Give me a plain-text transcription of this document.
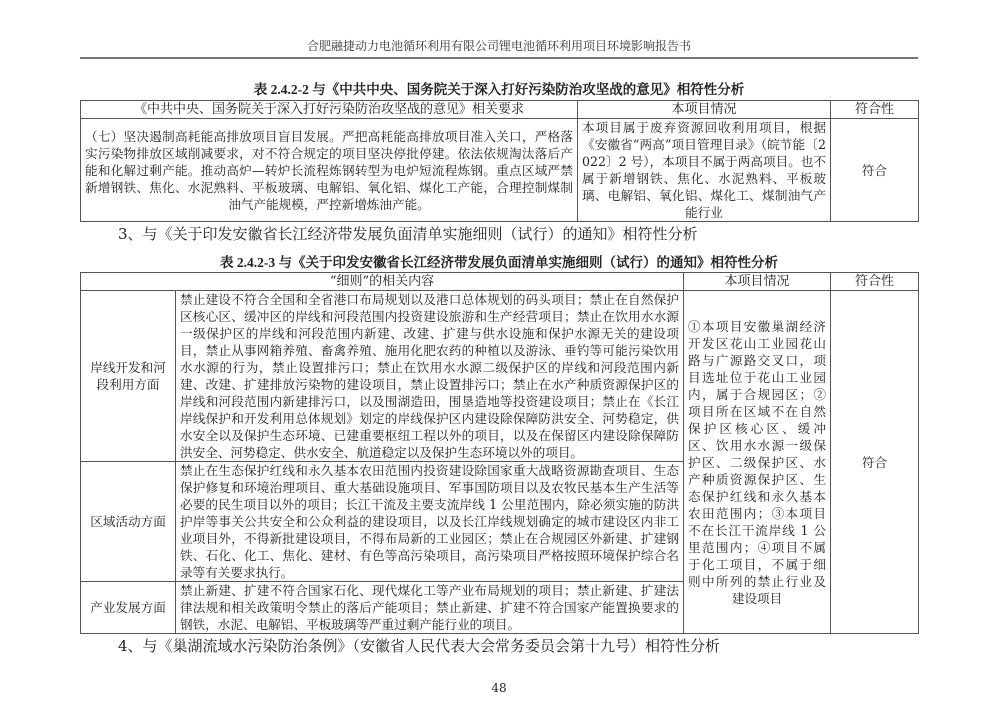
合肥融捷动力电池循环利用有限公司锂电池循环利用项目环境影响报告书
表 2.4.2-2 与《中共中央、国务院关于深入打好污染防治攻坚战的意见》相符性分析
《中共中央、国务院关于深入打好污染防治攻坚战的意见》相关要求	本项目情况	符合性
（七）坚决遏制高耗能高排放项目盲目发展。严把高耗能高排放项目准入关口，严格落实污染物排放区域削减要求，对不符合规定的项目坚决停批停建。依法依规淘汰落后产能和化解过剩产能。推动高炉—转炉长流程炼钢转型为电炉短流程炼钢。重点区域严禁新增钢铁、焦化、水泥熟料、平板玻璃、电解铝、氧化铝、煤化工产能，合理控制煤制油气产能规模，严控新增炼油产能。	本项目属于废弃资源回收利用项目，根据《安徽省“两高”项目管理目录》（皖节能〔2022〕2 号），本项目不属于两高项目。也不属于新增钢铁、焦化、水泥熟料、平板玻璃、电解铝、氧化铝、煤化工、煤制油气产能行业	符合
3、与《关于印发安徽省长江经济带发展负面清单实施细则（试行）的通知》相符性分析
表 2.4.2-3 与《关于印发安徽省长江经济带发展负面清单实施细则（试行）的通知》相符性分析
“细则”的相关内容		本项目情况	符合性
岸线开发和河段利用方面	禁止建设不符合全国和全省港口布局规划以及港口总体规划的码头项目；禁止在自然保护区核心区、缓冲区的岸线和河段范围内投资建设旅游和生产经营项目；禁止在饮用水水源一级保护区的岸线和河段范围内新建、改建、扩建与供水设施和保护水源无关的建设项目，禁止从事网箱养殖、畜禽养殖、施用化肥农药的种植以及游泳、垂钓等可能污染饮用水水源的行为，禁止设置排污口；禁止在饮用水水源二级保护区的岸线和河段范围内新建、改建、扩建排放污染物的建设项目，禁止设置排污口；禁止在水产种质资源保护区的岸线和河段范围内新建排污口，以及围湖造田，围垦造地等投资建设项目；禁止在《长江岸线保护和开发利用总体规划》划定的岸线保护区内建设除保障防洪安全、河势稳定，供水安全以及保护生态环境、已建重要枢纽工程以外的项目，以及在保留区内建设除保障防洪安全、河势稳定、供水安全、航道稳定以及保护生态环境以外的项目。	①本项目安徽巢湖经济开发区花山工业园花山路与广源路交叉口，项目选址位于花山工业园内，属于合规园区；②项目所在区域不在自然保护区核心区、缓冲区、饮用水水源一级保护区、二级保护区、水产种质资源保护区、生态保护红线和永久基本农田范围内；③本项目不在长江干流岸线 1 公里范围内；④项目不属于化工项目，不属于细则中所列的禁止行业及建设项目	符合
区域活动方面	禁止在生态保护红线和永久基本农田范围内投资建设除国家重大战略资源勘查项目、生态保护修复和环境治理项目、重大基础设施项目、军事国防项目以及农牧民基本生产生活等必要的民生项目以外的项目；长江干流及主要支流岸线 1 公里范围内，除必须实施的防洪护岸等事关公共安全和公众利益的建设项目，以及长江岸线规划确定的城市建设区内非工业项目外，不得新批建设项目，不得布局新的工业园区；禁止在合规园区外新建、扩建钢铁、石化、化工、焦化、建材、有色等高污染项目，高污染项目严格按照环境保护综合名录等有关要求执行。		
产业发展方面	禁止新建、扩建不符合国家石化、现代煤化工等产业布局规划的项目；禁止新建、扩建法律法规和相关政策明令禁止的落后产能项目；禁止新建、扩建不符合国家产能置换要求的钢铁，水泥、电解铝、平板玻璃等严重过剩产能行业的项目。		
4、与《巢湖流域水污染防治条例》（安徽省人民代表大会常务委员会第十九号）相符性分析
48
